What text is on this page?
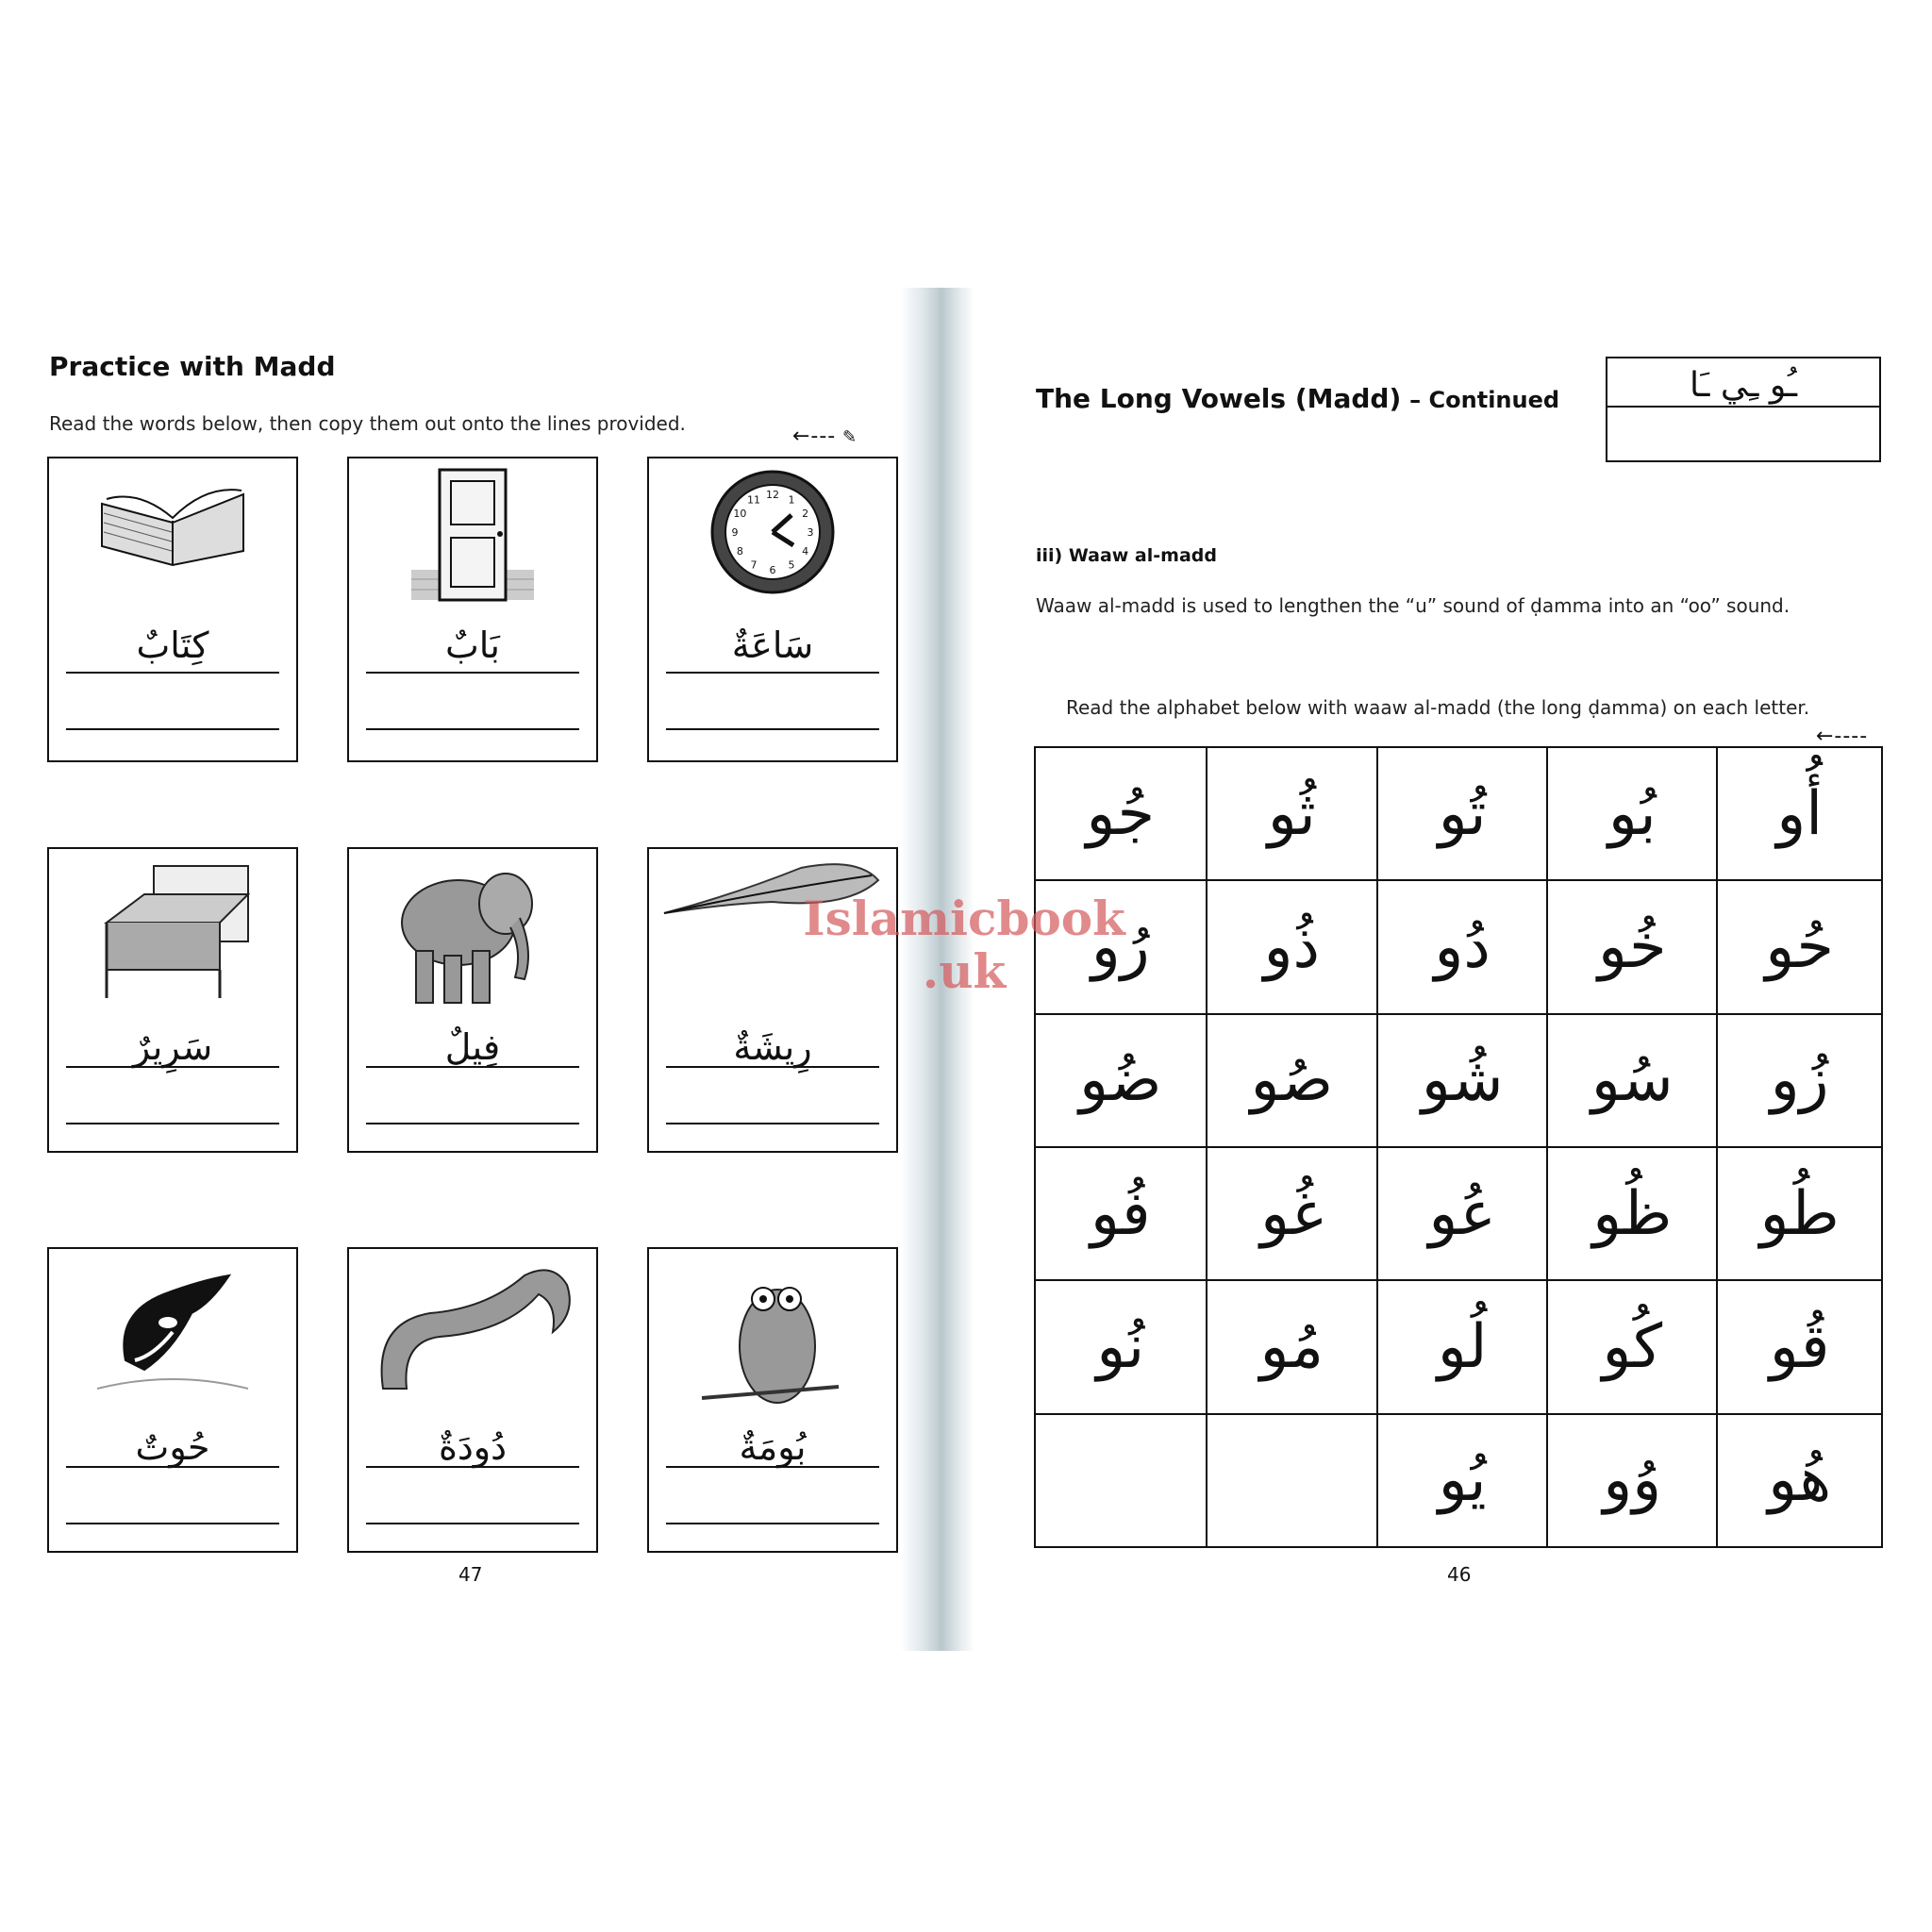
Practice with Madd
Read the words below, then copy them out onto the lines provided.
←--- ✎
12 1
2
3
4
5
6
7
8
9
10
11
سَاعَةٌ
بَابٌ
كِتَابٌ
رِيشَةٌ
فِيلٌ
سَرِيرٌ
بُومَةٌ
دُودَةٌ
حُوتٌ
47
The Long Vowels (Madd) – Continued	ـُو ـِي ـَا
iii) Waaw al-madd
Waaw al-madd is used to lengthen the “u” sound of ḍamma into an “oo” sound.
Read the alphabet below with waaw al-madd (the long ḍamma) on each letter.
←----
جُو	ثُو	تُو	بُو	أُو
رُو	ذُو	دُو	خُو	حُو
ضُو	صُو	شُو	سُو	زُو
فُو	غُو	عُو	ظُو	طُو
نُو	مُو	لُو	كُو	قُو
		يُو	وُو	هُو
46
Islamicbook
.uk
